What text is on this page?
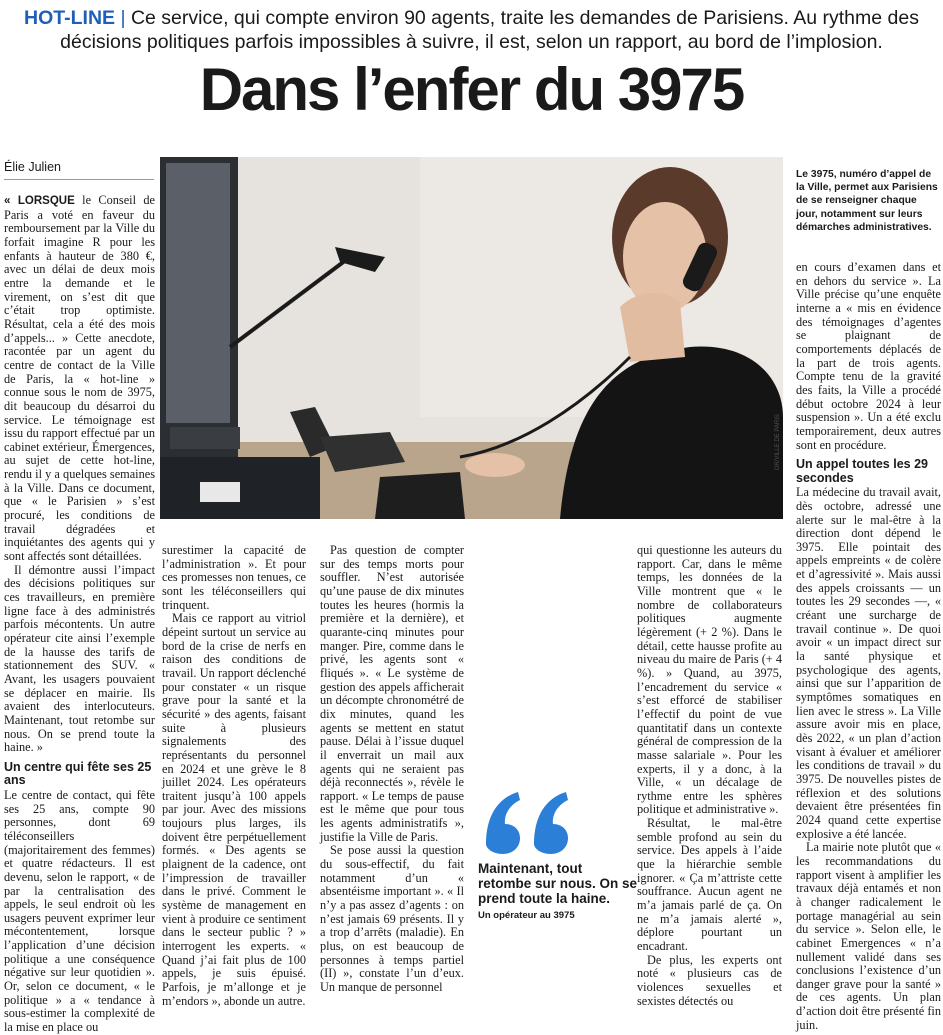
HOT-LINE | Ce service, qui compte environ 90 agents, traite les demandes de Parisiens. Au rythme des décisions politiques parfois impossibles à suivre, il est, selon un rapport, au bord de l’implosion.
Dans l’enfer du 3975
Élie Julien

« LORSQUE le Conseil de Paris a voté en faveur du remboursement par la Ville du forfait imagine R pour les enfants à hauteur de 380 €, avec un délai de deux mois entre la demande et le virement, on s’est dit que c’était trop optimiste. Résultat, cela a été des mois d’appels... » Cette anecdote, racontée par un agent du centre de contact de la Ville de Paris, la « hot-line » connue sous le nom de 3975, dit beaucoup du désarroi du service. Le témoignage est issu du rapport effectué par un cabinet extérieur, Émergences, au sujet de cette hot-line, rendu il y a quelques semaines à la Ville. Dans ce document, que « le Parisien » s’est procuré, les conditions de travail dégradées et inquiétantes des agents qui y sont affectés sont détaillées.

Il démontre aussi l’impact des décisions politiques sur ces travailleurs, en première ligne face à des administrés parfois mécontents. Un autre opérateur cite ainsi l’exemple de la hausse des tarifs de stationnement des SUV. « Avant, les usagers pouvaient se déplacer en mairie. Ils avaient des interlocuteurs. Maintenant, tout retombe sur nous. On se prend toute la haine. »

Un centre qui fête ses 25 ans

Le centre de contact, qui fête ses 25 ans, compte 90 personnes, dont 69 téléconseillers (majoritairement des femmes) et quatre rédacteurs. Il est devenu, selon le rapport, « de par la centralisation des appels, le seul endroit où les usagers peuvent exprimer leur mécontentement, lorsque l’application d’une décision politique a une conséquence négative sur leur quotidien ». Or, selon ce document, « le politique » a « tendance à sous-estimer la complexité de la mise en place ou

DR/VILLE DE PARIS
Le 3975, numéro d’appel de la Ville, permet aux Parisiens de se renseigner chaque jour, notamment sur leurs démarches administratives.

surestimer la capacité de l’administration ». Et pour ces promesses non tenues, ce sont les téléconseillers qui trinquent.

Mais ce rapport au vitriol dépeint surtout un service au bord de la crise de nerfs en raison des conditions de travail. Un rapport déclenché pour constater « un risque grave pour la santé et la sécurité » des agents, faisant suite à plusieurs signalements des représentants du personnel en 2024 et une grève le 8 juillet 2024. Les opérateurs traitent jusqu’à 100 appels par jour. Avec des missions toujours plus larges, ils doivent être perpétuellement formés. « Des agents se plaignent de la cadence, ont l’impression de travailler dans le privé. Comment le système de management en vient à produire ce sentiment dans le secteur public ? » interrogent les experts. « Quand j’ai fait plus de 100 appels, je suis épuisé. Parfois, je m’allonge et je m’endors », abonde un autre.

Pas question de compter sur des temps morts pour souffler. N’est autorisée qu’une pause de dix minutes toutes les heures (hormis la première et la dernière), et quarante-cinq minutes pour manger. Pire, comme dans le privé, les agents sont « fliqués ». « Le système de gestion des appels afficherait un décompte chronométré de dix minutes, quand les agents se mettent en statut pause. Délai à l’issue duquel il enverrait un mail aux agents qui ne seraient pas déjà reconnectés », révèle le rapport. « Le temps de pause est le même que pour tous les agents administratifs », justifie la Ville de Paris.

Se pose aussi la question du sous-effectif, du fait notamment d’un « absentéisme important ». « Il n’y a pas assez d’agents : on n’est jamais 69 présents. Il y a trop d’arrêts (maladie). En plus, on est beaucoup de personnes à temps partiel (II) », constate l’un d’eux. Un manque de personnel

qui questionne les auteurs du rapport. Car, dans le même temps, les données de la Ville montrent que « le nombre de collaborateurs politiques augmente légèrement (+ 2 %). Dans le détail, cette hausse profite au niveau du maire de Paris (+ 4 %). » Quand, au 3975, l’encadrement du service « s’est efforcé de stabiliser l’effectif du point de vue quantitatif dans un contexte général de compression de la masse salariale ». Pour les experts, il y a donc, à la Ville, « un décalage de rythme entre les sphères politique et administrative ».

Résultat, le mal-être semble profond au sein du service. Des appels à l’aide que la hiérarchie semble ignorer. « Ça m’attriste cette souffrance. Aucun agent ne m’a jamais parlé de ça. On ne m’a jamais alerté », déplore pourtant un encadrant.

De plus, les experts ont noté « plusieurs cas de violences sexuelles et sexistes détectés ou

en cours d’examen dans et en dehors du service ». La Ville précise qu’une enquête interne a « mis en évidence des témoignages d’agentes se plaignant de comportements déplacés de la part de trois agents. Compte tenu de la gravité des faits, la Ville a procédé début octobre 2024 à leur suspension ». Un a été exclu temporairement, deux autres sont en procédure.

Un appel toutes les 29 secondes

La médecine du travail avait, dès octobre, adressé une alerte sur le mal-être à la direction dont dépend le 3975. Elle pointait des appels empreints « de colère et d’agressivité ». Mais aussi des appels croissants — un toutes les 29 secondes —, « créant une surcharge de travail continue ». De quoi avoir « un impact direct sur la santé physique et psychologique des agents, ainsi que sur l’apparition de symptômes somatiques en lien avec le stress ». La Ville assure avoir mis en place, dès 2022, « un plan d’action visant à évaluer et améliorer les conditions de travail » du 3975. De nouvelles pistes de réflexion et des solutions devaient être présentées fin 2024 quand cette expertise explosive a été lancée.

La mairie note plutôt que « les recommandations du rapport visent à amplifier les travaux déjà entamés et non à changer radicalement le portage managérial au sein du service ». Selon elle, le cabinet Emergences « n’a nullement validé dans ses conclusions l’existence d’un danger grave pour la santé » de ces agents. Un plan d’action doit être présenté fin juin.

Maintenant, tout retombe sur nous. On se prend toute la haine.
Un opérateur au 3975
